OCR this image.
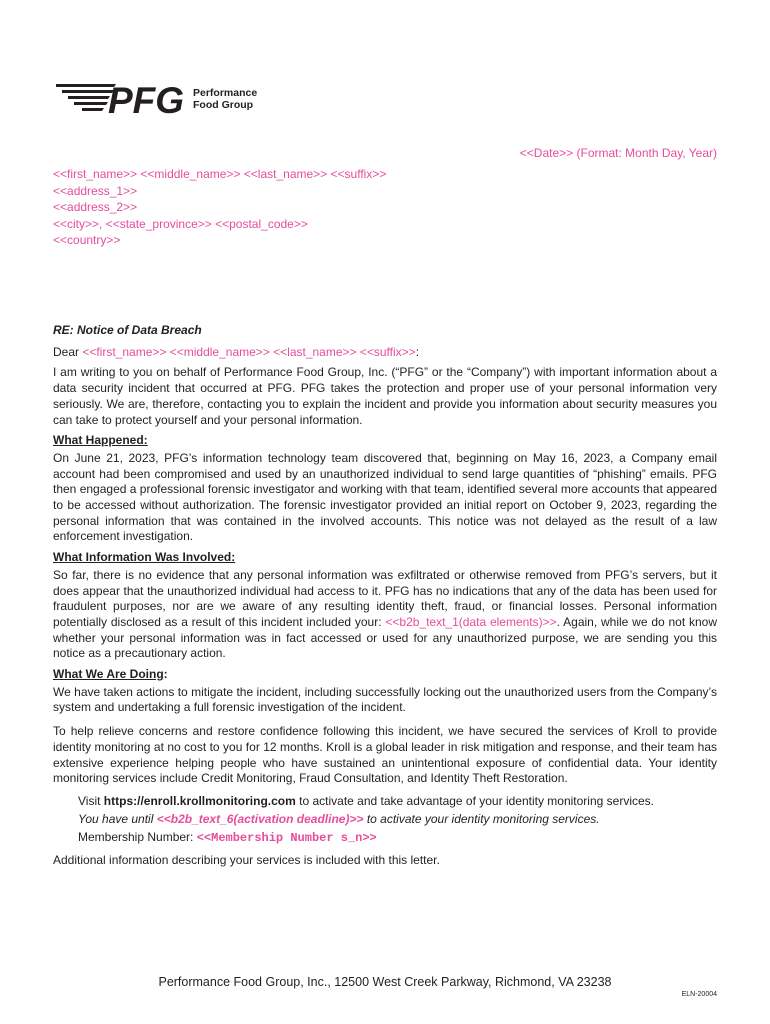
PFG Performance
Food Group
<<Date>> (Format: Month Day, Year)
<<first_name>> <<middle_name>> <<last_name>> <<suffix>>
<<address_1>>
<<address_2>>
<<city>>, <<state_province>> <<postal_code>>
<<country>>
RE: Notice of Data Breach

Dear <<first_name>> <<middle_name>> <<last_name>> <<suffix>>:

I am writing to you on behalf of Performance Food Group, Inc. (“PFG” or the “Company”) with important information about a data security incident that occurred at PFG. PFG takes the protection and proper use of your personal information very seriously. We are, therefore, contacting you to explain the incident and provide you information about security measures you can take to protect yourself and your personal information.

What Happened:

On June 21, 2023, PFG’s information technology team discovered that, beginning on May 16, 2023, a Company email account had been compromised and used by an unauthorized individual to send large quantities of “phishing” emails. PFG then engaged a professional forensic investigator and working with that team, identified several more accounts that appeared to be accessed without authorization. The forensic investigator provided an initial report on October 9, 2023, regarding the personal information that was contained in the involved accounts. This notice was not delayed as the result of a law enforcement investigation.

What Information Was Involved:

So far, there is no evidence that any personal information was exfiltrated or otherwise removed from PFG’s servers, but it does appear that the unauthorized individual had access to it. PFG has no indications that any of the data has been used for fraudulent purposes, nor are we aware of any resulting identity theft, fraud, or financial losses. Personal information potentially disclosed as a result of this incident included your: <<b2b_text_1(data elements)>>. Again, while we do not know whether your personal information was in fact accessed or used for any unauthorized purpose, we are sending you this notice as a precautionary action.

What We Are Doing:

We have taken actions to mitigate the incident, including successfully locking out the unauthorized users from the Company’s system and undertaking a full forensic investigation of the incident.

To help relieve concerns and restore confidence following this incident, we have secured the services of Kroll to provide identity monitoring at no cost to you for 12 months. Kroll is a global leader in risk mitigation and response, and their team has extensive experience helping people who have sustained an unintentional exposure of confidential data. Your identity monitoring services include Credit Monitoring, Fraud Consultation, and Identity Theft Restoration.

Visit https://enroll.krollmonitoring.com to activate and take advantage of your identity monitoring services.
You have until <<b2b_text_6(activation deadline)>> to activate your identity monitoring services.
Membership Number: <<Membership Number s_n>>

Additional information describing your services is included with this letter.

Performance Food Group, Inc., 12500 West Creek Parkway, Richmond, VA 23238
ELN-20004
